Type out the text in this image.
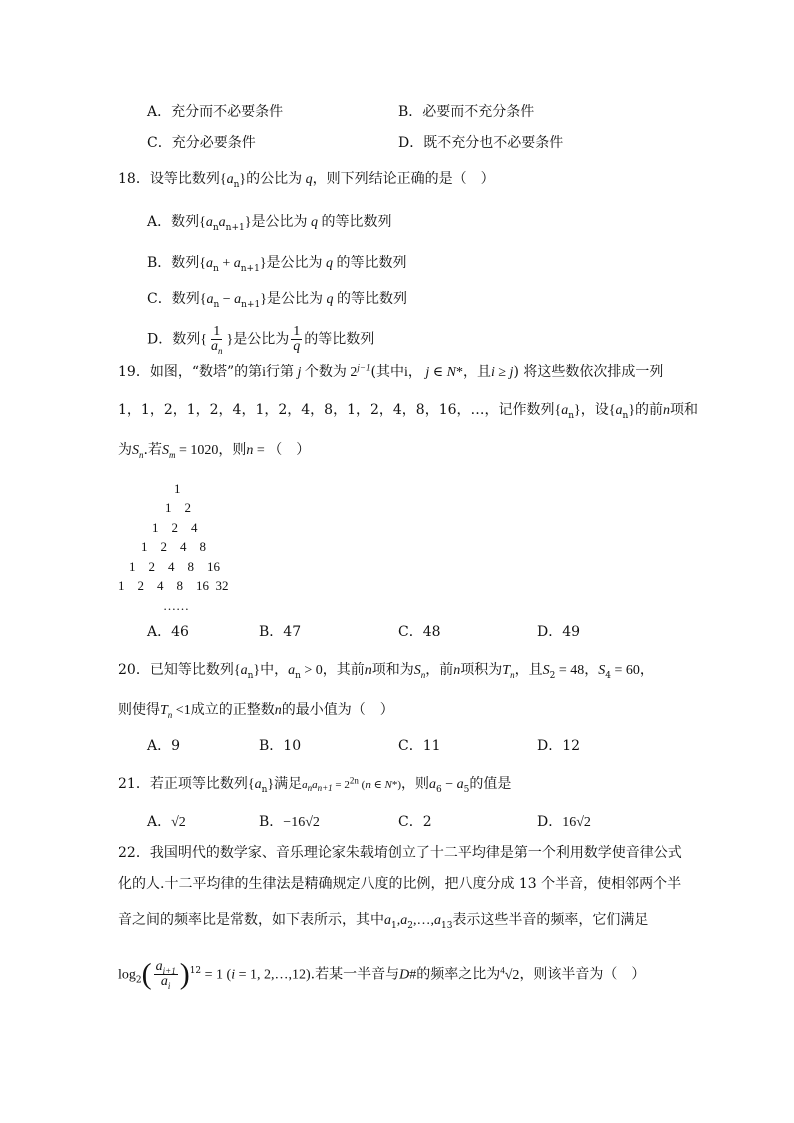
A．充分而不必要条件	B．必要而不充分条件
C．充分必要条件	D．既不充分也不必要条件
18．设等比数列$\{a_n\}$的公比为 q，则下列结论正确的是（　）
A．数列$\{a_na_{n+1}\}$是公比为 q 的等比数列
B．数列$\{a_n + a_{n+1}\}$是公比为 q 的等比数列
C．数列$\{a_n - a_{n+1}\}$是公比为 q 的等比数列
D．数列{ $\frac{1}{a_n}$ }是公比为 $\frac{1}{q}$ 的等比数列
19．如图，“数塔”的第i行第 j 个数为 $2^{j-1}$(其中i， j ∈ N*，且i ≥ j) 将这些数依次排成一列
1，1，2，1，2，4，1，2，4，8，1，2，4，8，16，…，记作数列$\{a_n\}$，设$\{a_n\}$的前n项和
为$S_n$.若$S_m = 1020$，则n = （　）
1
1    2
1    2    4
1    2    4    8
1    2    4    8    16
1    2    4    8    16  32
……
A．46	B．47	C．48	D．49
20．已知等比数列$\{a_n\}$中，$a_n > 0$，其前n项和为$S_n$，前n项积为$T_n$，且$S_2 = 48$，$S_4 = 60$，
则使得$T_n <1$成立的正整数n的最小值为（　）
A．9	B．10	C．11	D．12
21．若正项等比数列$\{a_n\}$满足$a_na_{n+1} = 2^{2n}$ (n ∈ N*)，则$a_6 - a_5$的值是
A．√2	B．−16√2	C．2	D．16√2
22．我国明代的数学家、音乐理论家朱载堉创立了十二平均律是第一个利用数学使音律公式
化的人.十二平均律的生律法是精确规定八度的比例，把八度分成 13 个半音，使相邻两个半
音之间的频率比是常数，如下表所示，其中$a_1,a_2,\dots,a_{13}$表示这些半音的频率，它们满足
$\log_2( \frac{a_{i+1}}{a_i} )^{12} = 1$ (i = 1, 2,…,12).若某一半音与D#的频率之比为$^4$√2，则该半音为（　）
